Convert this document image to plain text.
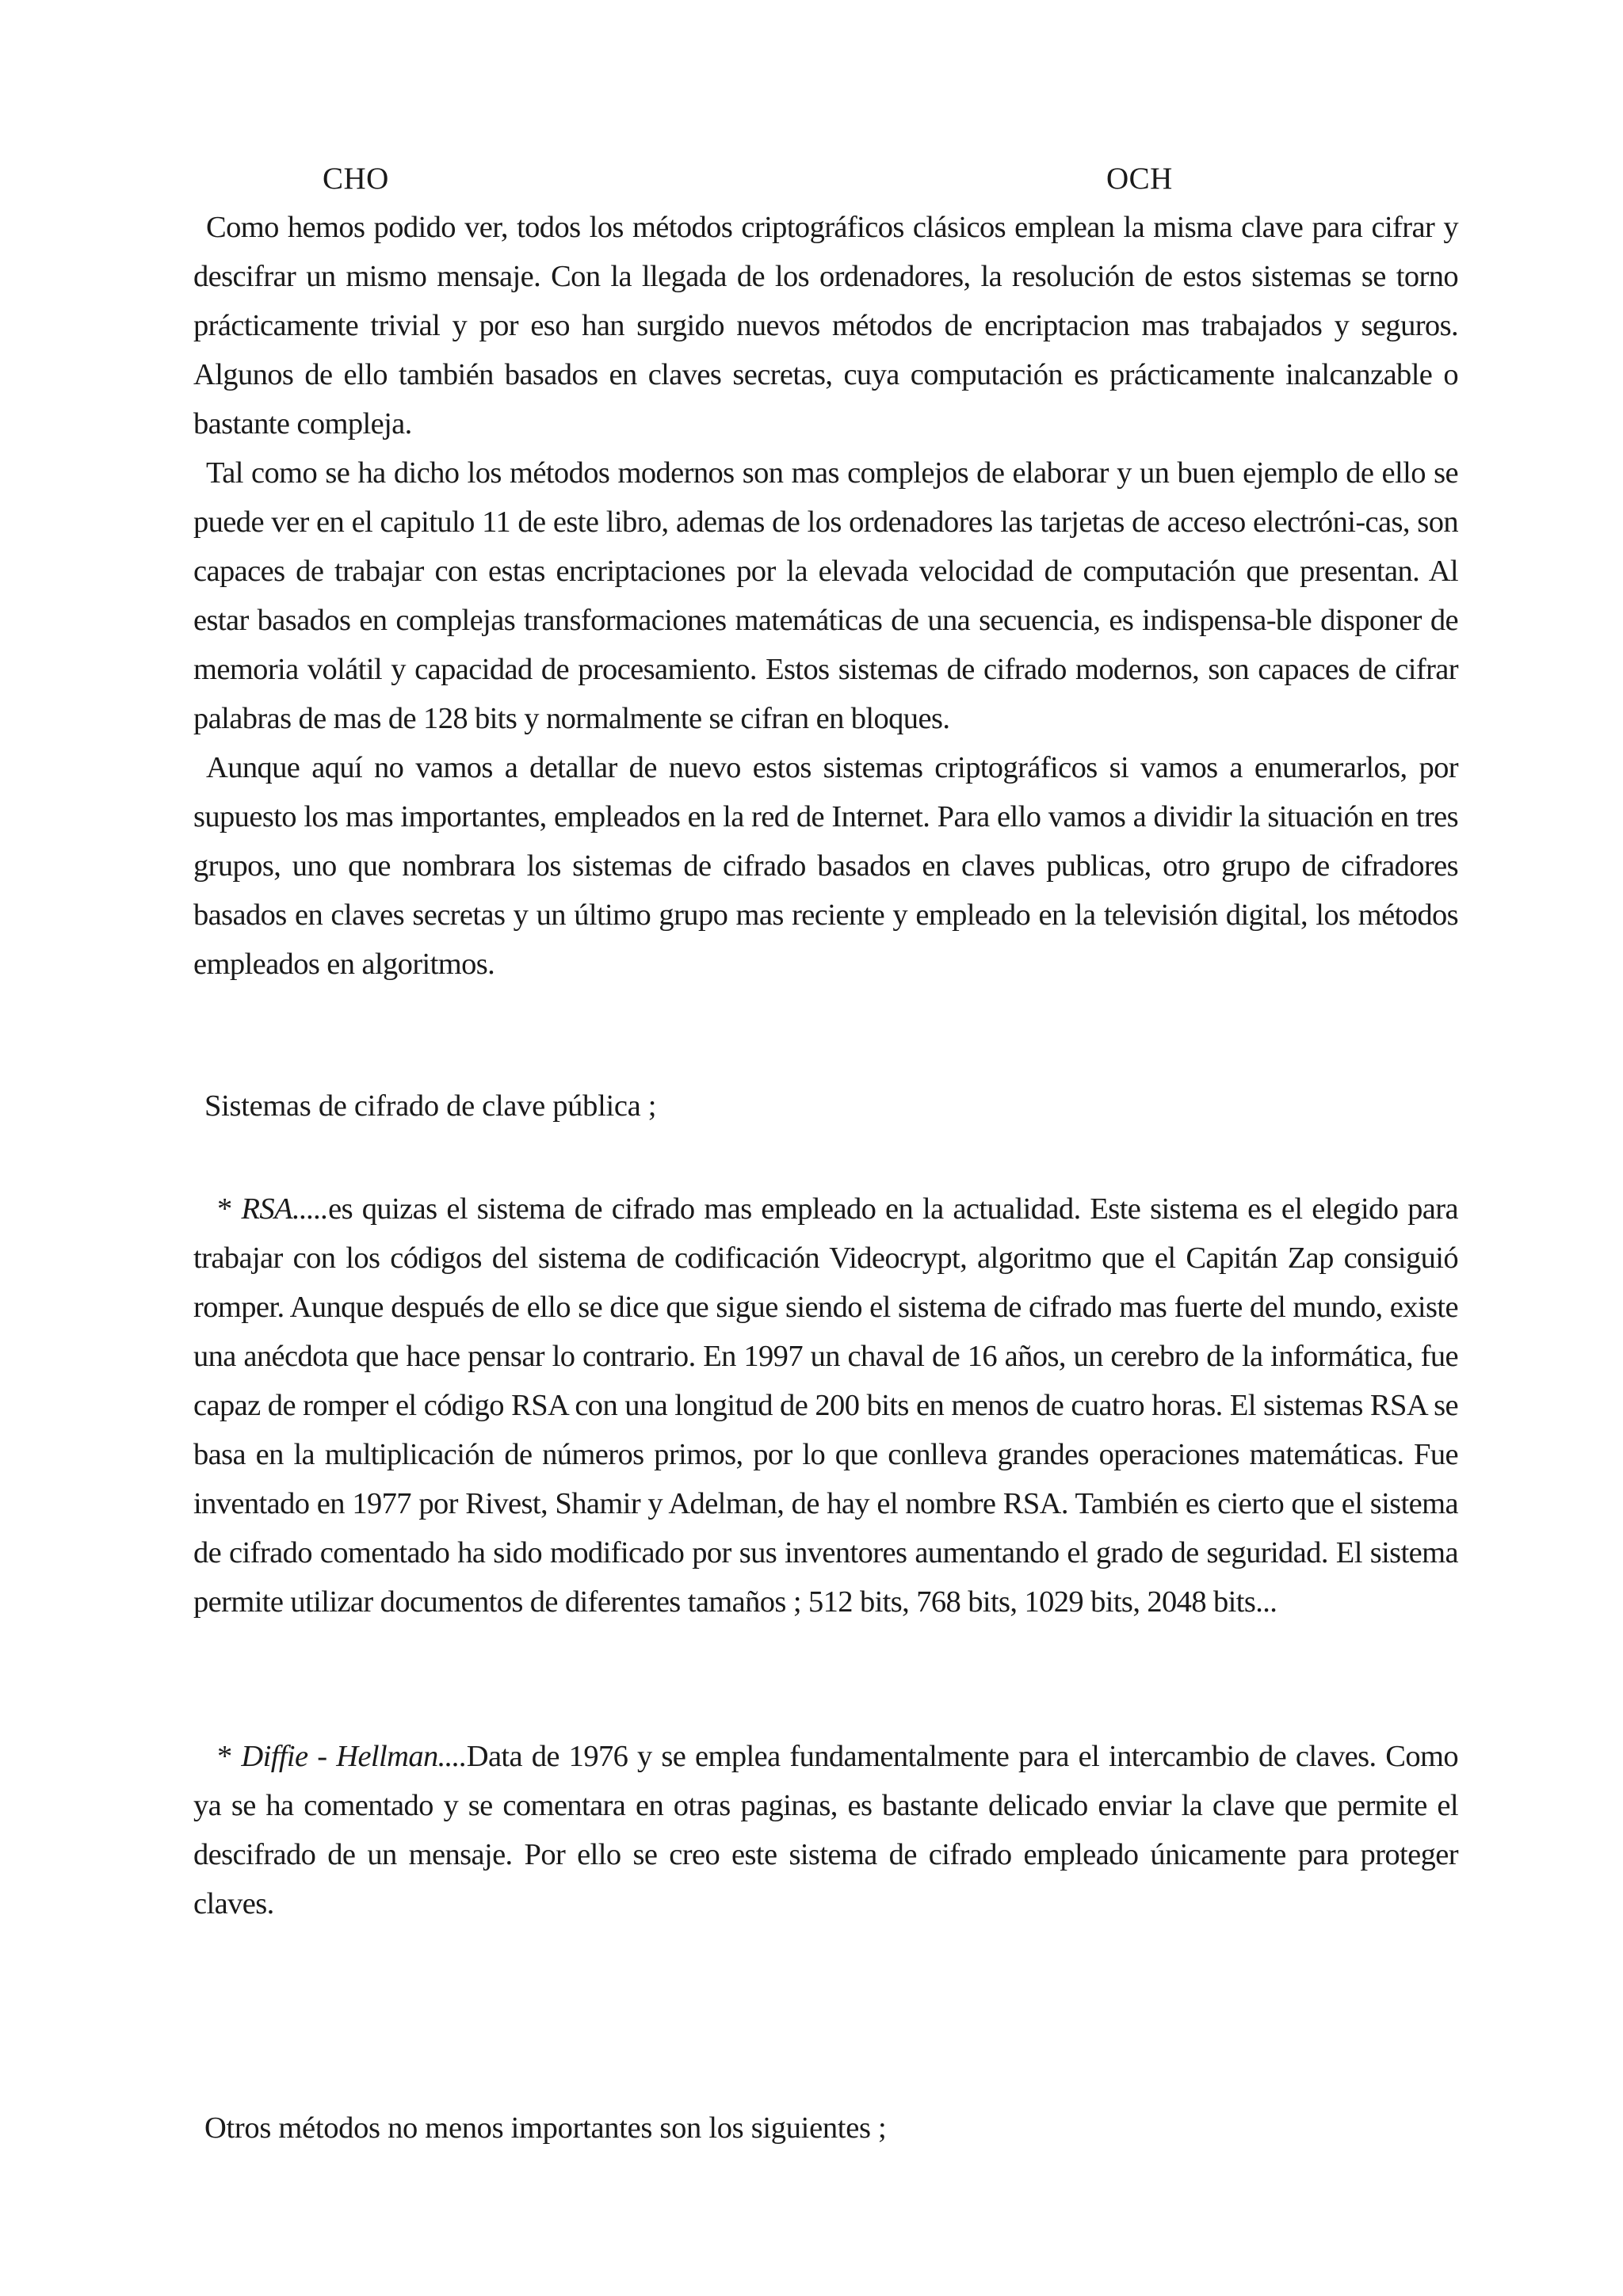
CHO	OCH

Como hemos podido ver, todos los métodos criptográficos clásicos emplean la misma clave para cifrar y descifrar un mismo mensaje. Con la llegada de los ordenadores, la resolución de estos sistemas se torno prácticamente trivial y por eso han surgido nuevos métodos de encriptacion mas trabajados y seguros. Algunos de ello también basados en claves secretas, cuya computación es prácticamente inalcanzable o bastante compleja.

Tal como se ha dicho los métodos modernos son mas complejos de elaborar y un buen ejemplo de ello se puede ver en el capitulo 11 de este libro, ademas de los ordenadores las tarjetas de acceso electróni-cas, son capaces de trabajar con estas encriptaciones por la elevada velocidad de computación que presentan. Al estar basados en complejas transformaciones matemáticas de una secuencia, es indispensa-ble disponer de memoria volátil y capacidad de procesamiento. Estos sistemas de cifrado modernos, son capaces de cifrar palabras de mas de 128 bits y normalmente se cifran en bloques.

Aunque aquí no vamos a detallar de nuevo estos sistemas criptográficos si vamos a enumerarlos, por supuesto los mas importantes, empleados en la red de Internet. Para ello vamos a dividir la situación en tres grupos, uno que nombrara los sistemas de cifrado basados en claves publicas, otro grupo de cifradores basados en claves secretas y un último grupo mas reciente y empleado en la televisión digital, los métodos empleados en algoritmos.

Sistemas de cifrado de clave pública ;

* RSA.....es quizas el sistema de cifrado mas empleado en la actualidad. Este sistema es el elegido para trabajar con los códigos del sistema de codificación Videocrypt, algoritmo que el Capitán Zap consiguió romper. Aunque después de ello se dice que sigue siendo el sistema de cifrado mas fuerte del mundo, existe una anécdota que hace pensar lo contrario. En 1997 un chaval de 16 años, un cerebro de la informática, fue capaz de romper el código RSA con una longitud de 200 bits en menos de cuatro horas. El sistemas RSA se basa en la multiplicación de números primos, por lo que conlleva grandes operaciones matemáticas. Fue inventado en 1977 por Rivest, Shamir y Adelman, de hay el nombre RSA. También es cierto que el sistema de cifrado comentado ha sido modificado por sus inventores aumentando el grado de seguridad. El sistema permite utilizar documentos de diferentes tamaños ; 512 bits, 768 bits, 1029 bits, 2048 bits...

* Diffie - Hellman....Data de 1976 y se emplea fundamentalmente para el intercambio de claves. Como ya se ha comentado y se comentara en otras paginas, es bastante delicado enviar la clave que permite el descifrado de un mensaje. Por ello se creo este sistema de cifrado empleado únicamente para proteger claves.

Otros métodos no menos importantes son los siguientes ;
